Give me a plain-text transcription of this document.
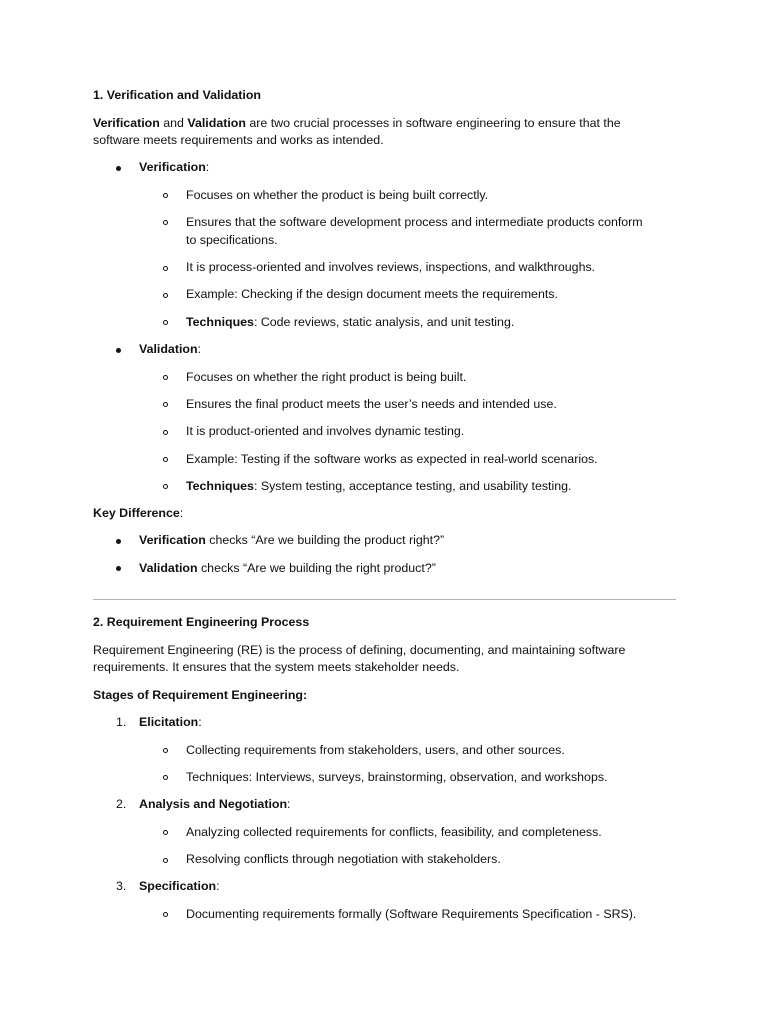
1. Verification and Validation
Verification and Validation are two crucial processes in software engineering to ensure that the
software meets requirements and works as intended.
Verification:
Focuses on whether the product is being built correctly.
Ensures that the software development process and intermediate products conform
to specifications.
It is process-oriented and involves reviews, inspections, and walkthroughs.
Example: Checking if the design document meets the requirements.
Techniques: Code reviews, static analysis, and unit testing.
Validation:
Focuses on whether the right product is being built.
Ensures the final product meets the user’s needs and intended use.
It is product-oriented and involves dynamic testing.
Example: Testing if the software works as expected in real-world scenarios.
Techniques: System testing, acceptance testing, and usability testing.
Key Difference:
Verification checks “Are we building the product right?”
Validation checks “Are we building the right product?”
2. Requirement Engineering Process
Requirement Engineering (RE) is the process of defining, documenting, and maintaining software
requirements. It ensures that the system meets stakeholder needs.
Stages of Requirement Engineering:
1. Elicitation:
Collecting requirements from stakeholders, users, and other sources.
Techniques: Interviews, surveys, brainstorming, observation, and workshops.
2. Analysis and Negotiation:
Analyzing collected requirements for conflicts, feasibility, and completeness.
Resolving conflicts through negotiation with stakeholders.
3. Specification:
Documenting requirements formally (Software Requirements Specification - SRS).
